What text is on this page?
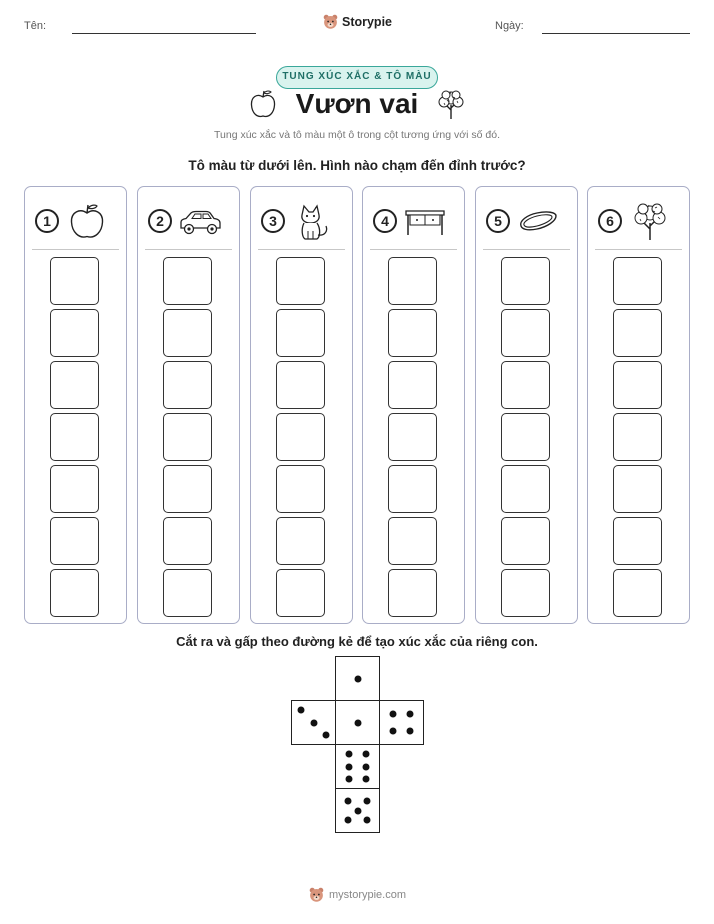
Tên:	Ngày:
Storypie
TUNG XÚC XẮC & TÔ MÀU
Vươn vai
Tung xúc xắc và tô màu một ô trong cột tương ứng với số đó.
Tô màu từ dưới lên. Hình nào chạm đến đỉnh trước?
1	2	3	4	5	6
Cắt ra và gấp theo đường kẻ để tạo xúc xắc của riêng con.
mystorypie.com
